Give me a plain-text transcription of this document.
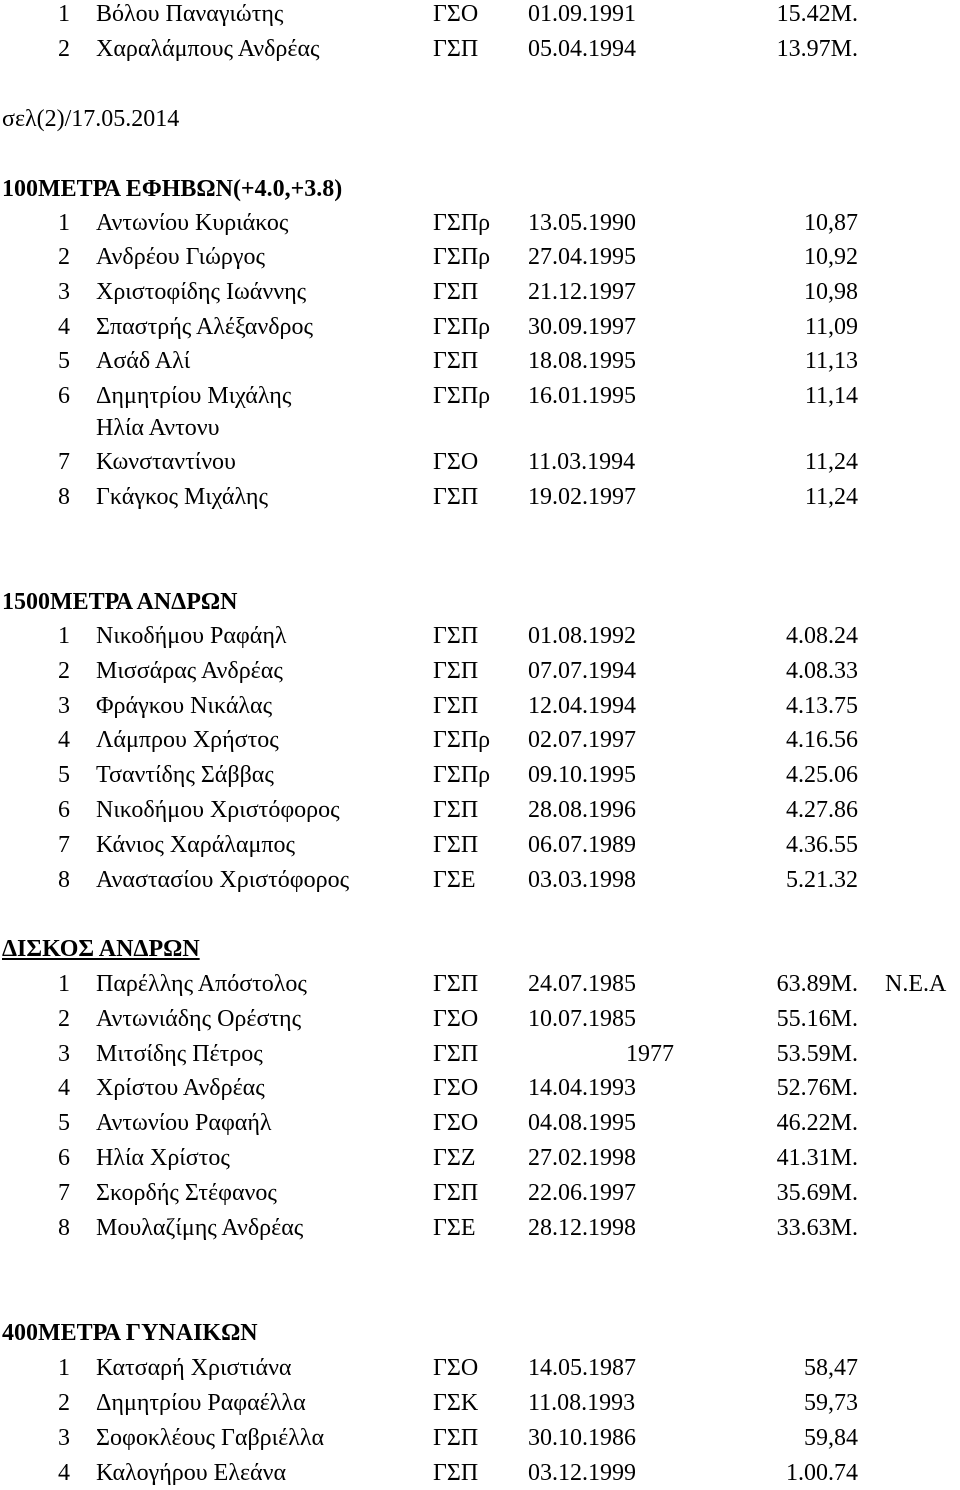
1 Βόλου Παναγιώτης	ΓΣΟ 01.09.1991	15.42Μ.
2 Χαραλάμπους Ανδρέας	ΓΣΠ 05.04.1994	13.97Μ.
σελ(2)/17.05.2014
100ΜΕΤΡΑ ΕΦΗΒΩΝ(+4.0,+3.8)
1 Αντωνίου Κυριάκος	ΓΣΠρ 13.05.1990	10,87
2 Ανδρέου Γιώργος	ΓΣΠρ 27.04.1995	10,92
3 Χριστοφίδης Ιωάννης	ΓΣΠ 21.12.1997	10,98
4 Σπαστρής Αλέξανδρος	ΓΣΠρ 30.09.1997	11,09
5 Ασάδ Αλί	ΓΣΠ 18.08.1995	11,13
6 Δημητρίου Μιχάλης	ΓΣΠρ 16.01.1995	11,14
Ηλία Αντονυ
7 Κωνσταντίνου	ΓΣΟ 11.03.1994	11,24
8 Γκάγκος Μιχάλης	ΓΣΠ 19.02.1997	11,24
1500ΜΕΤΡΑ ΑΝΔΡΩΝ
1 Νικοδήμου Ραφάηλ	ΓΣΠ 01.08.1992	4.08.24
2 Μισσάρας Ανδρέας	ΓΣΠ 07.07.1994	4.08.33
3 Φράγκου Νικάλας	ΓΣΠ 12.04.1994	4.13.75
4 Λάμπρου Χρήστος	ΓΣΠρ 02.07.1997	4.16.56
5 Τσαντίδης Σάββας	ΓΣΠρ 09.10.1995	4.25.06
6 Νικοδήμου Χριστόφορος	ΓΣΠ 28.08.1996	4.27.86
7 Κάνιος Χαράλαμπος	ΓΣΠ 06.07.1989	4.36.55
8 Αναστασίου Χριστόφορος	ΓΣΕ 03.03.1998	5.21.32
ΔΙΣΚΟΣ ΑΝΔΡΩΝ
1 Παρέλλης Απόστολος	ΓΣΠ 24.07.1985	63.89Μ. Ν.Ε.Α
2 Αντωνιάδης Ορέστης	ΓΣΟ 10.07.1985	55.16Μ.
3 Μιτσίδης Πέτρος	ΓΣΠ	1977	53.59Μ.
4 Χρίστου Ανδρέας	ΓΣΟ 14.04.1993	52.76Μ.
5 Αντωνίου Ραφαήλ	ΓΣΟ 04.08.1995	46.22Μ.
6 Ηλία Χρίστος	ΓΣΖ 27.02.1998	41.31Μ.
7 Σκορδής Στέφανος	ΓΣΠ 22.06.1997	35.69Μ.
8 Μουλαζίμης Ανδρέας	ΓΣΕ 28.12.1998	33.63Μ.
400ΜΕΤΡΑ ΓΥΝΑΙΚΩΝ
1 Κατσαρή Χριστιάνα	ΓΣΟ 14.05.1987	58,47
2 Δημητρίου Ραφαέλλα	ΓΣΚ 11.08.1993	59,73
3 Σοφοκλέους Γαβριέλλα	ΓΣΠ 30.10.1986	59,84
4 Καλογήρου Ελεάνα	ΓΣΠ 03.12.1999	1.00.74
